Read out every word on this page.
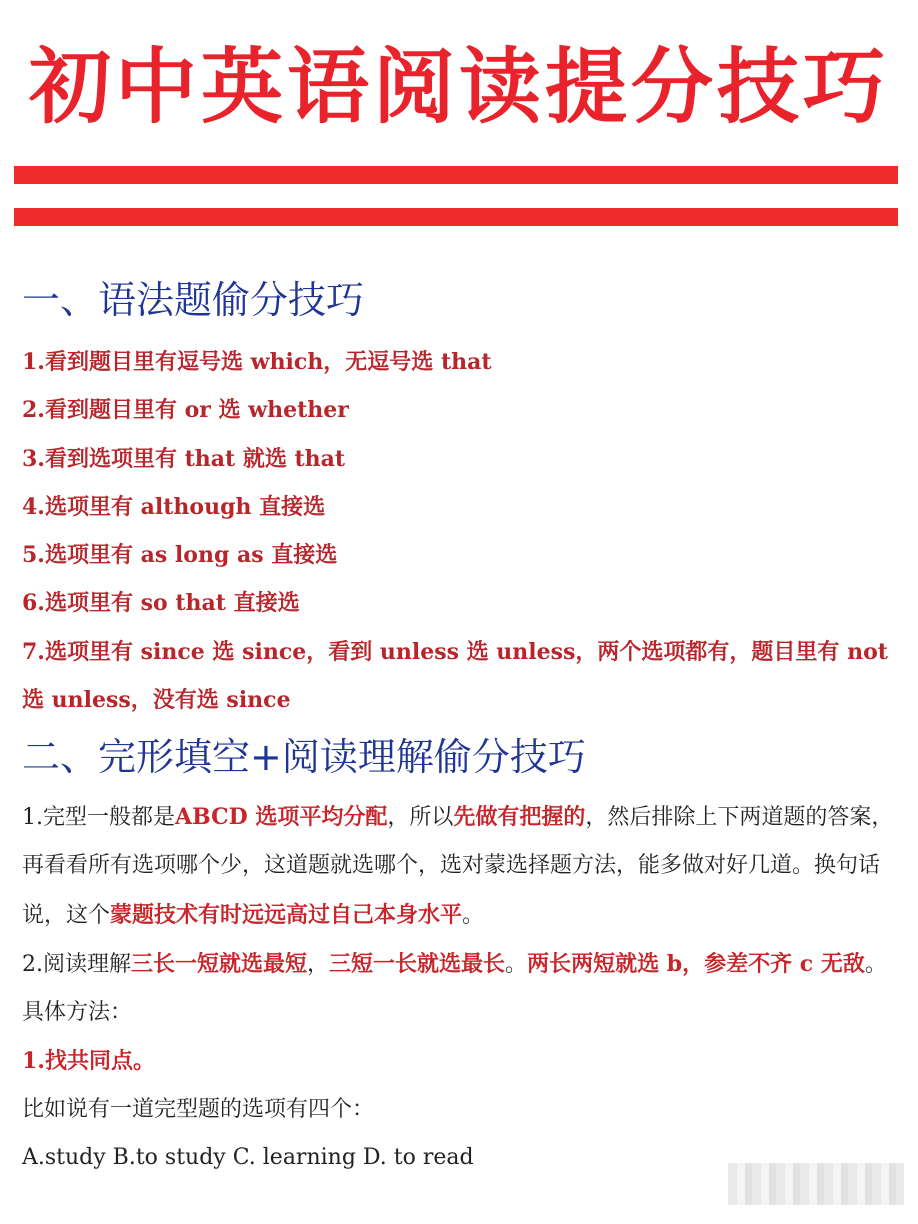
初中英语阅读提分技巧
一、语法题偷分技巧
1.看到题目里有逗号选 which，无逗号选 that
2.看到题目里有 or 选 whether
3.看到选项里有 that 就选 that
4.选项里有 although 直接选
5.选项里有 as long as 直接选
6.选项里有 so that 直接选
7.选项里有 since 选 since，看到 unless 选 unless，两个选项都有，题目里有 not 选 unless，没有选 since
二、完形填空+阅读理解偷分技巧

1.完型一般都是ABCD 选项平均分配，所以先做有把握的，然后排除上下两道题的答案，再看看所有选项哪个少，这道题就选哪个，选对蒙选择题方法，能多做对好几道。换句话说，这个蒙题技术有时远远高过自己本身水平。

2.阅读理解三长一短就选最短，三短一长就选最长。两长两短就选 b，参差不齐 c 无敌。 具体方法：

1.找共同点。

比如说有一道完型题的选项有四个：

A.study B.to study C. learning D. to read
